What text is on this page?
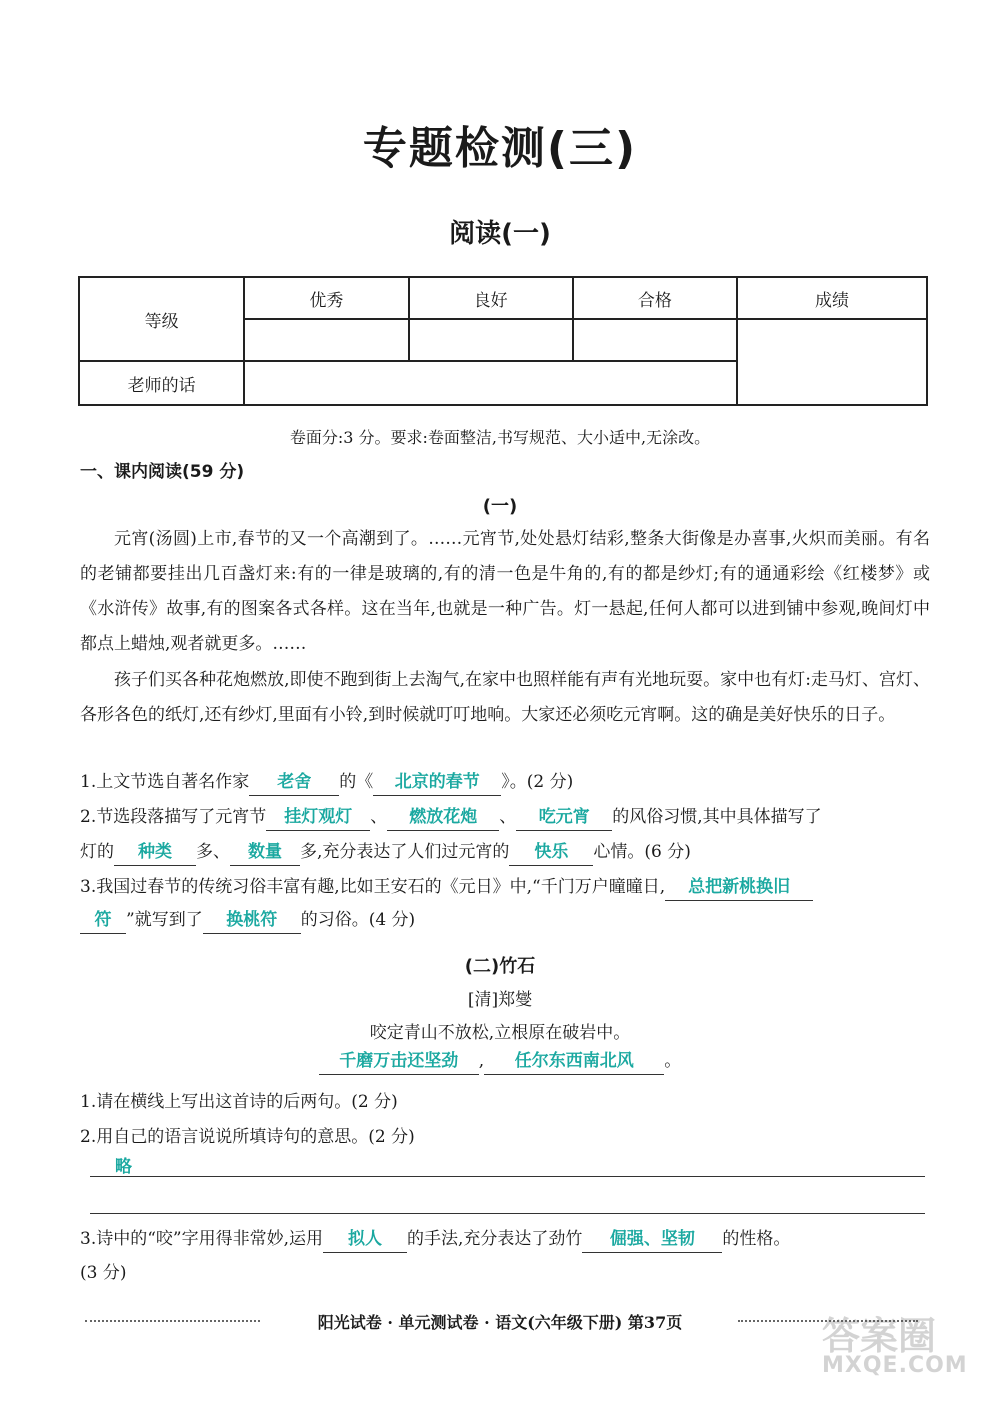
专题检测(三)
阅读(一)
等级	优秀	良好	合格	成绩

老师的话				
卷面分:3 分。要求:卷面整洁,书写规范、大小适中,无涂改。
一、课内阅读(59 分)
(一)

元宵(汤圆)上市,春节的又一个高潮到了。……元宵节,处处悬灯结彩,整条大街像是办喜事,火炽而美丽。有名的老铺都要挂出几百盏灯来:有的一律是玻璃的,有的清一色是牛角的,有的都是纱灯;有的通通彩绘《红楼梦》或《水浒传》故事,有的图案各式各样。这在当年,也就是一种广告。灯一悬起,任何人都可以进到铺中参观,晚间灯中都点上蜡烛,观者就更多。……

孩子们买各种花炮燃放,即使不跑到街上去淘气,在家中也照样能有声有光地玩耍。家中也有灯:走马灯、宫灯、各形各色的纸灯,还有纱灯,里面有小铃,到时候就叮叮地响。大家还必须吃元宵啊。这的确是美好快乐的日子。

1.上文节选自著名作家 老舍 的《 北京的春节 》。(2 分)
2.节选段落描写了元宵节 挂灯观灯 、 燃放花炮 、 吃元宵 的风俗习惯,其中具体描写了
灯的 种类 多、 数量 多,充分表达了人们过元宵的 快乐 心情。(6 分)
3.我国过春节的传统习俗丰富有趣,比如王安石的《元日》中,“千门万户曈曈日, 总把新桃换旧
符 ”就写到了 换桃符 的习俗。(4 分)
(二)竹石
[清]郑燮
咬定青山不放松,立根原在破岩中。
千磨万击还坚劲 , 任尔东西南北风 。
1.请在横线上写出这首诗的后两句。(2 分)
2.用自己的语言说说所填诗句的意思。(2 分)
略
3.诗中的“咬”字用得非常妙,运用 拟人 的手法,充分表达了劲竹 倔强、坚韧 的性格。
(3 分)
阳光试卷 · 单元测试卷 · 语文(六年级下册) 第37页	答案圈
MXQE.COM
